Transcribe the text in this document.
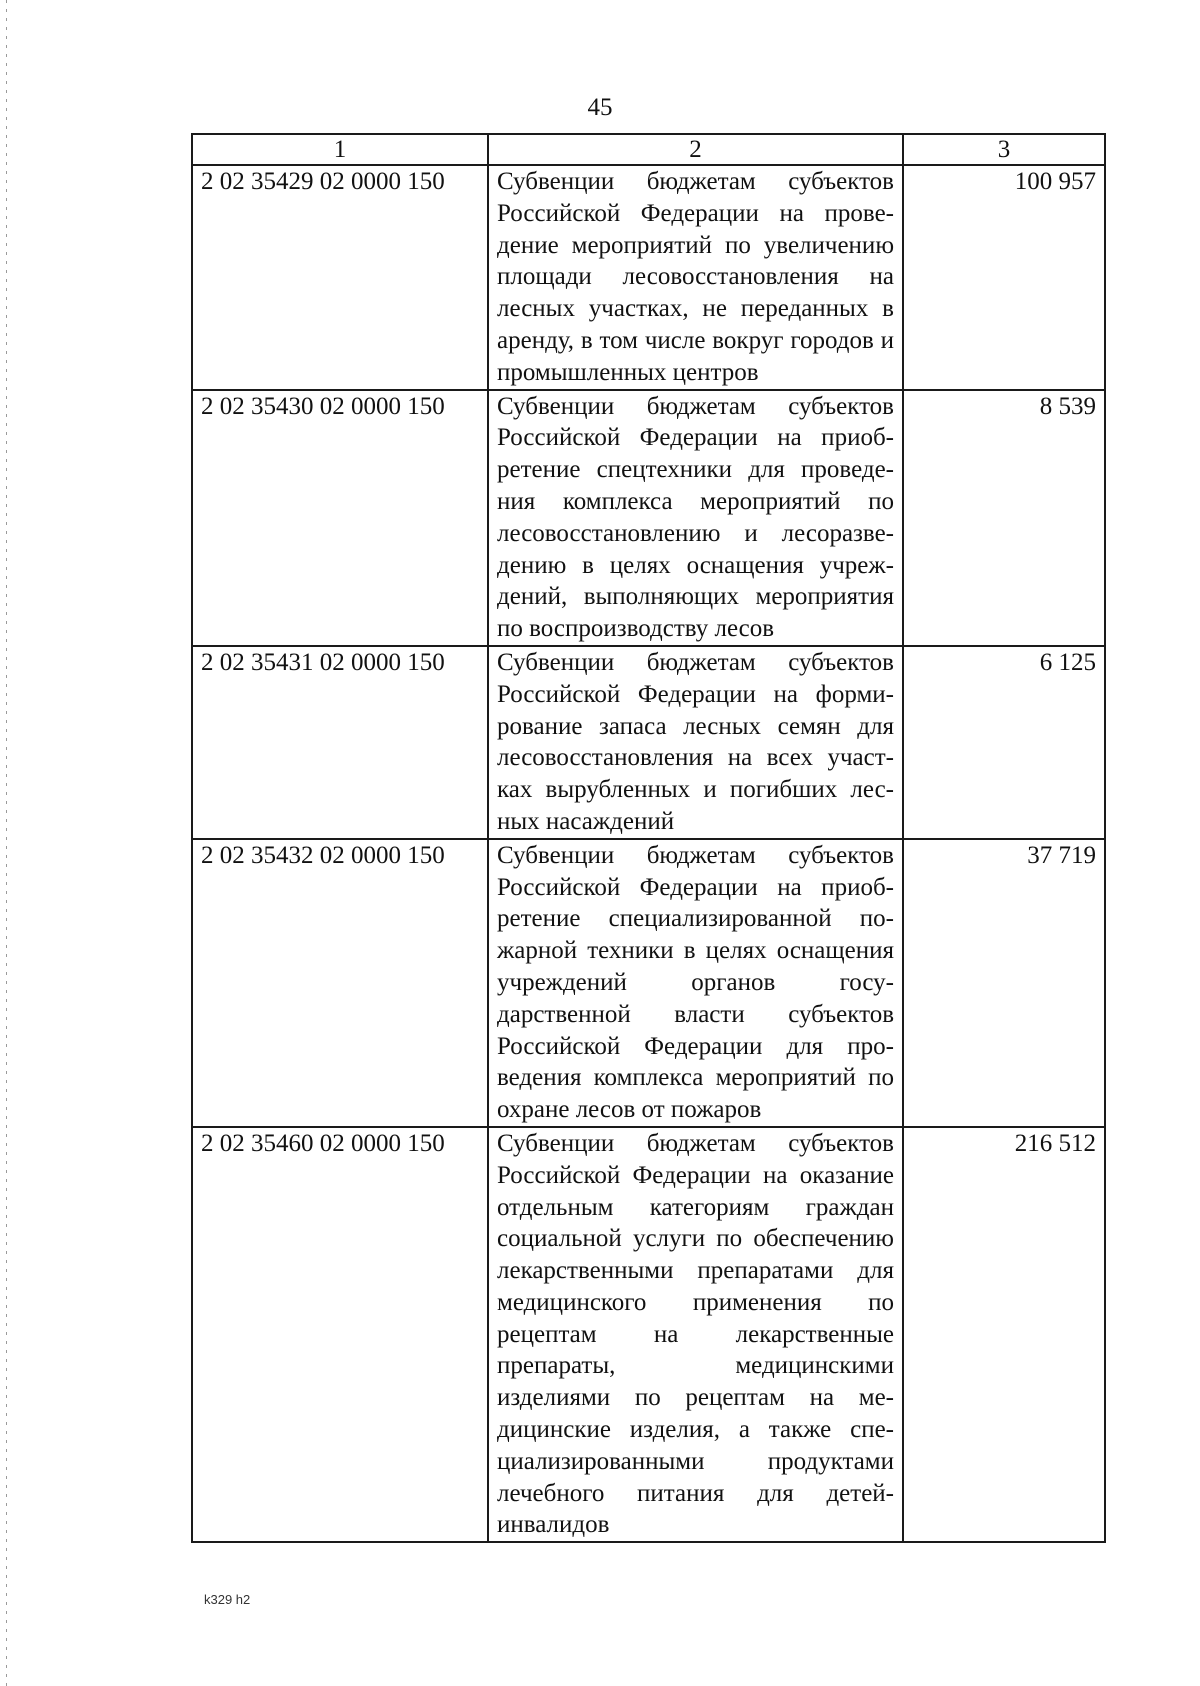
45
1	2	3
2 02 35429 02 0000 150	Субвенции бюджетам субъектов Российской Федерации на проведение мероприятий по увеличению площади лесовосстановления на лесных участках, не переданных в аренду, в том числе вокруг городов и промышленных центров	100 957
2 02 35430 02 0000 150	Субвенции бюджетам субъектов Российской Федерации на приобретение спецтехники для проведения комплекса мероприятий по лесовосстановлению и лесоразведению в целях оснащения учреждений, выполняющих мероприятия по воспроизводству лесов	8 539
2 02 35431 02 0000 150	Субвенции бюджетам субъектов Российской Федерации на формирование запаса лесных семян для лесовосстановления на всех участках вырубленных и погибших лесных насаждений	6 125
2 02 35432 02 0000 150	Субвенции бюджетам субъектов Российской Федерации на приобретение специализированной пожарной техники в целях оснащения учреждений органов государственной власти субъектов Российской Федерации для проведения комплекса мероприятий по охране лесов от пожаров	37 719
2 02 35460 02 0000 150	Субвенции бюджетам субъектов Российской Федерации на оказание отдельным категориям граждан социальной услуги по обеспечению лекарственными препаратами для медицинского применения по рецептам на лекарственные препараты, медицинскими изделиями по рецептам на медицинские изделия, а также специализированными продуктами лечебного питания для детей-инвалидов	216 512
k329 h2
